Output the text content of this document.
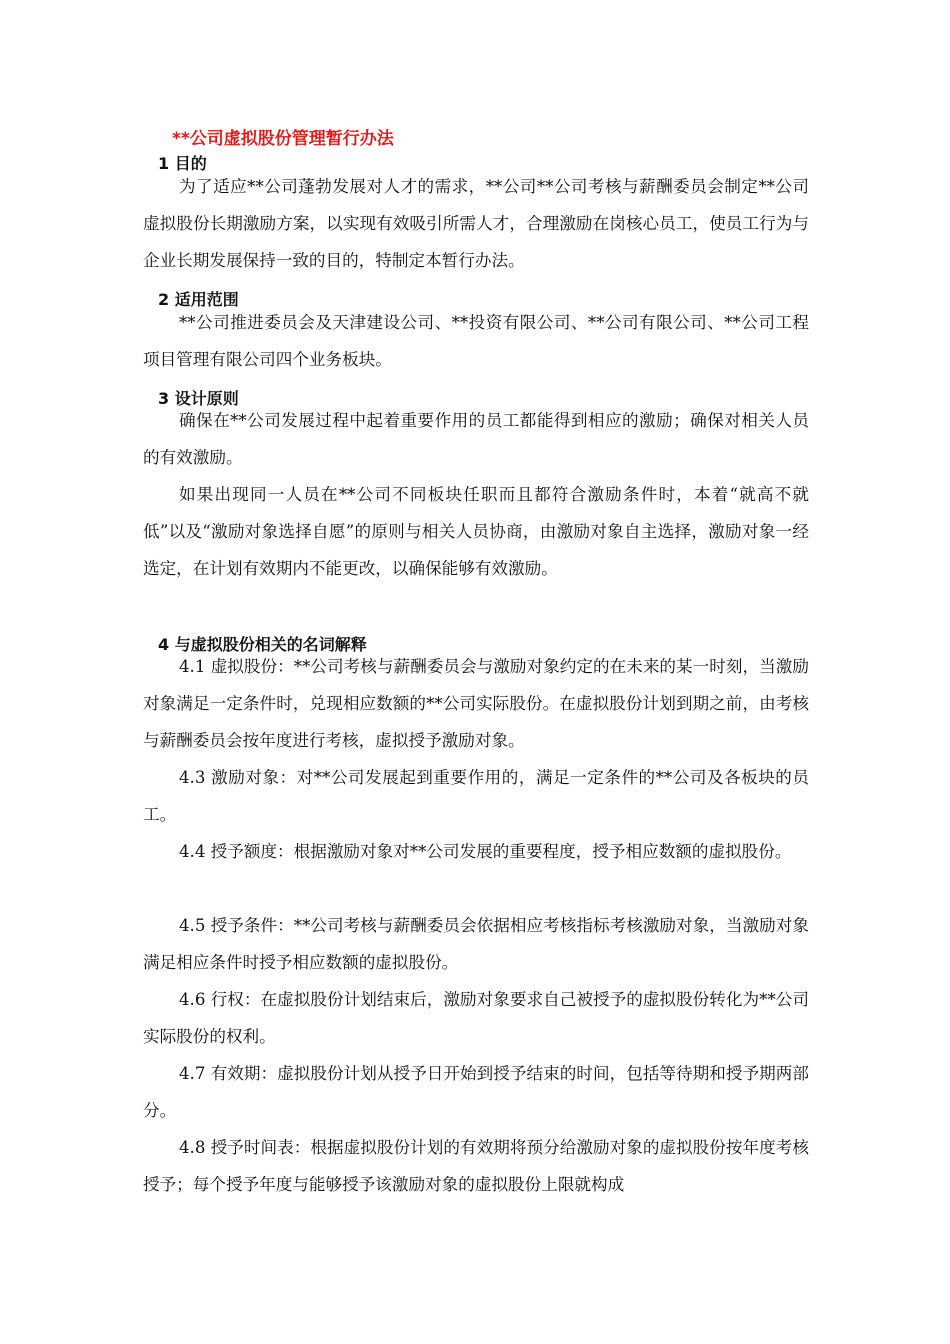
**公司虚拟股份管理暂行办法
1 目的

为了适应**公司蓬勃发展对人才的需求，**公司**公司考核与薪酬委员会制定**公司虚拟股份长期激励方案，以实现有效吸引所需人才，合理激励在岗核心员工，使员工行为与企业长期发展保持一致的目的，特制定本暂行办法。

2 适用范围

**公司推进委员会及天津建设公司、**投资有限公司、**公司有限公司、**公司工程项目管理有限公司四个业务板块。

3 设计原则

确保在**公司发展过程中起着重要作用的员工都能得到相应的激励；确保对相关人员的有效激励。

如果出现同一人员在**公司不同板块任职而且都符合激励条件时，本着“就高不就低”以及“激励对象选择自愿”的原则与相关人员协商，由激励对象自主选择，激励对象一经选定，在计划有效期内不能更改，以确保能够有效激励。

4 与虚拟股份相关的名词解释

4.1 虚拟股份：**公司考核与薪酬委员会与激励对象约定的在未来的某一时刻，当激励对象满足一定条件时，兑现相应数额的**公司实际股份。在虚拟股份计划到期之前，由考核与薪酬委员会按年度进行考核，虚拟授予激励对象。

4.3 激励对象：对**公司发展起到重要作用的，满足一定条件的**公司及各板块的员工。

4.4 授予额度：根据激励对象对**公司发展的重要程度，授予相应数额的虚拟股份。

4.5 授予条件：**公司考核与薪酬委员会依据相应考核指标考核激励对象，当激励对象满足相应条件时授予相应数额的虚拟股份。

4.6 行权：在虚拟股份计划结束后，激励对象要求自己被授予的虚拟股份转化为**公司实际股份的权利。

4.7 有效期：虚拟股份计划从授予日开始到授予结束的时间，包括等待期和授予期两部分。

4.8 授予时间表：根据虚拟股份计划的有效期将预分给激励对象的虚拟股份按年度考核授予；每个授予年度与能够授予该激励对象的虚拟股份上限就构成
